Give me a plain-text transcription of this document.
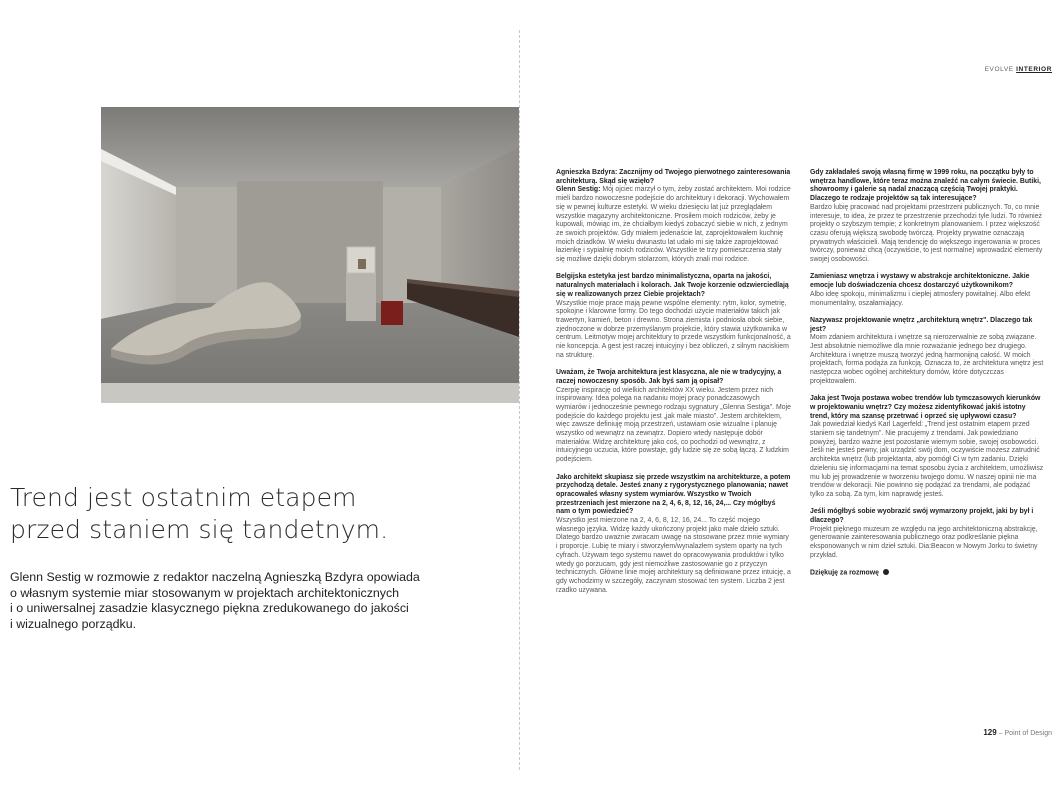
EVOLVE INTERIOR
Trend jest ostatnim etapem
przed staniem się tandetnym.
Glenn Sestig w rozmowie z redaktor naczelną Agnieszką Bzdyra opowiada
o własnym systemie miar stosowanym w projektach architektonicznych
i o uniwersalnej zasadzie klasycznego piękna zredukowanego do jakości
i wizualnego porządku.

Agnieszka Bzdyra: Zacznijmy od Twojego pierwotnego zainteresowania architekturą. Skąd się wzięło?
Glenn Sestig: Mój ojciec marzył o tym, żeby zostać architektem. Moi rodzice mieli bardzo nowoczesne podejście do architektury i dekoracji. Wychowałem się w pewnej kulturze estetyki. W wieku dziesięciu lat już przeglądałem wszystkie magazyny architektoniczne. Prosiłem moich rodziców, żeby je kupowali, mówiąc im, że chciałbym kiedyś zobaczyć siebie w nich, z jednym ze swoich projektów. Gdy miałem jedenaście lat, zaprojektowałem kuchnię moich dziadków. W wieku dwunastu lat udało mi się także zaprojektować łazienkę i sypialnię moich rodziców. Wszystkie te trzy pomieszczenia stały się możliwe dzięki dobrym stolarzom, których znali moi rodzice.

Belgijska estetyka jest bardzo minimalistyczna, oparta na jakości, naturalnych materiałach i kolorach. Jak Twoje korzenie odzwierciedlają się w realizowanych przez Ciebie projektach?
Wszystkie moje prace mają pewne wspólne elementy: rytm, kolor, symetrię, spokojne i klarowne formy. Do tego dochodzi użycie materiałów takich jak trawertyn, kamień, beton i drewno. Strona ziemista i podniosła obok siebie, zjednoczone w dobrze przemyślanym projekcie, który stawia użytkownika w centrum. Leitmotyw mojej architektury to przede wszystkim funkcjonalność, a nie koncepcja. A gest jest raczej intuicyjny i bez obliczeń, z silnym naciskiem na strukturę.

Uważam, że Twoja architektura jest klasyczna, ale nie w tradycyjny, a raczej nowoczesny sposób. Jak byś sam ją opisał?
Czerpię inspirację od wielkich architektów XX wieku. Jestem przez nich inspirowany. Idea polega na nadaniu mojej pracy ponadczasowych wymiarów i jednocześnie pewnego rodzaju sygnatury „Glenna Sestiga". Moje podejście do każdego projektu jest „jak małe miasto". Jestem architektem, więc zawsze definiuję moją przestrzeń, ustawiam osie wizualne i planuję wszystko od wewnątrz na zewnątrz. Dopiero wtedy następuje dobór materiałów. Widzę architekturę jako coś, co pochodzi od wewnątrz, z intuicyjnego uczucia, które powstaje, gdy ludzie się ze sobą łączą. Z ludzkim podejściem.

Jako architekt skupiasz się przede wszystkim na architekturze, a potem przychodzą detale. Jesteś znany z rygorystycznego planowania; nawet opracowałeś własny system wymiarów. Wszystko w Twoich przestrzeniach jest mierzone na 2, 4, 6, 8, 12, 16, 24,... Czy mógłbyś nam o tym powiedzieć?
Wszystko jest mierzone na 2, 4, 6, 8, 12, 16, 24... To część mojego własnego języka. Widzę każdy ukończony projekt jako małe dzieło sztuki. Dlatego bardzo uważnie zwracam uwagę na stosowane przez mnie wymiary i proporcje. Lubię te miary i stworzyłem/wynalazłem system oparty na tych cyfrach. Używam tego systemu nawet do opracowywania produktów i tylko wtedy go porzucam, gdy jest niemożliwe zastosowanie go z przyczyn technicznych. Główne linie mojej architektury są definiowane przez intuicję, a gdy wchodzimy w szczegóły, zaczynam stosować ten system. Liczba 2 jest rzadko używana.

Gdy zakładałeś swoją własną firmę w 1999 roku, na początku były to wnętrza handlowe, które teraz można znaleźć na całym świecie. Butiki, showroomy i galerie są nadal znaczącą częścią Twojej praktyki. Dlaczego te rodzaje projektów są tak interesujące?
Bardzo lubię pracować nad projektami przestrzeni publicznych. To, co mnie interesuje, to idea, że przez te przestrzenie przechodzi tyle ludzi. To również projekty o szybszym tempie; z konkretnym planowaniem. I przez większość czasu oferują większą swobodę twórczą. Projekty prywatne oznaczają prywatnych właścicieli. Mają tendencję do większego ingerowania w proces twórczy, ponieważ chcą (oczywiście, to jest normalne) wprowadzić elementy swojej osobowości.

Zamieniasz wnętrza i wystawy w abstrakcje architektoniczne. Jakie emocje lub doświadczenia chcesz dostarczyć użytkownikom?
Albo ideę spokoju, minimalizmu i ciepłej atmosfery powitalnej. Albo efekt monumentalny, oszałamiający.

Nazywasz projektowanie wnętrz „architekturą wnętrz". Dlaczego tak jest?
Moim zdaniem architektura i wnętrze są nierozerwalnie ze sobą związane. Jest absolutnie niemożliwe dla mnie rozważanie jednego bez drugiego. Architektura i wnętrze muszą tworzyć jedną harmonijną całość. W moich projektach, forma podąża za funkcją. Oznacza to, że architektura wnętrz jest następcza wobec ogólnej architektury domów, które dotyczczas projektowałem.

Jaka jest Twoja postawa wobec trendów lub tymczasowych kierunków w projektowaniu wnętrz? Czy możesz zidentyfikować jakiś istotny trend, który ma szansę przetrwać i oprzeć się upływowi czasu?
Jak powiedział kiedyś Karl Lagerfeld: „Trend jest ostatnim etapem przed staniem się tandetnym". Nie pracujemy z trendami. Jak powiedziano powyżej, bardzo ważne jest pozostanie wiernym sobie, swojej osobowości. Jeśli nie jesteś pewny, jak urządzić swój dom, oczywiście możesz zatrudnić architekta wnętrz (lub projektanta, aby pomógł Ci w tym zadaniu. Dzięki dzieleniu się informacjami na temat sposobu życia z architektem, umożliwisz mu lub jej prowadzenie w tworzeniu twojego domu. W naszej opinii nie ma trendów w dekoracji. Nie powinno się podążać za trendami, ale podążać tylko za sobą. Za tym, kim naprawdę jesteś.

Jeśli mógłbyś sobie wyobrazić swój wymarzony projekt, jaki by był i dlaczego?
Projekt pięknego muzeum ze względu na jego architektoniczną abstrakcję, generowanie zainteresowania publicznego oraz podkreślanie piękna eksponowanych w nim dzieł sztuki. Dia:Beacon w Nowym Jorku to świetny przykład.

Dziękuję za rozmowę

129 – Point of Design
